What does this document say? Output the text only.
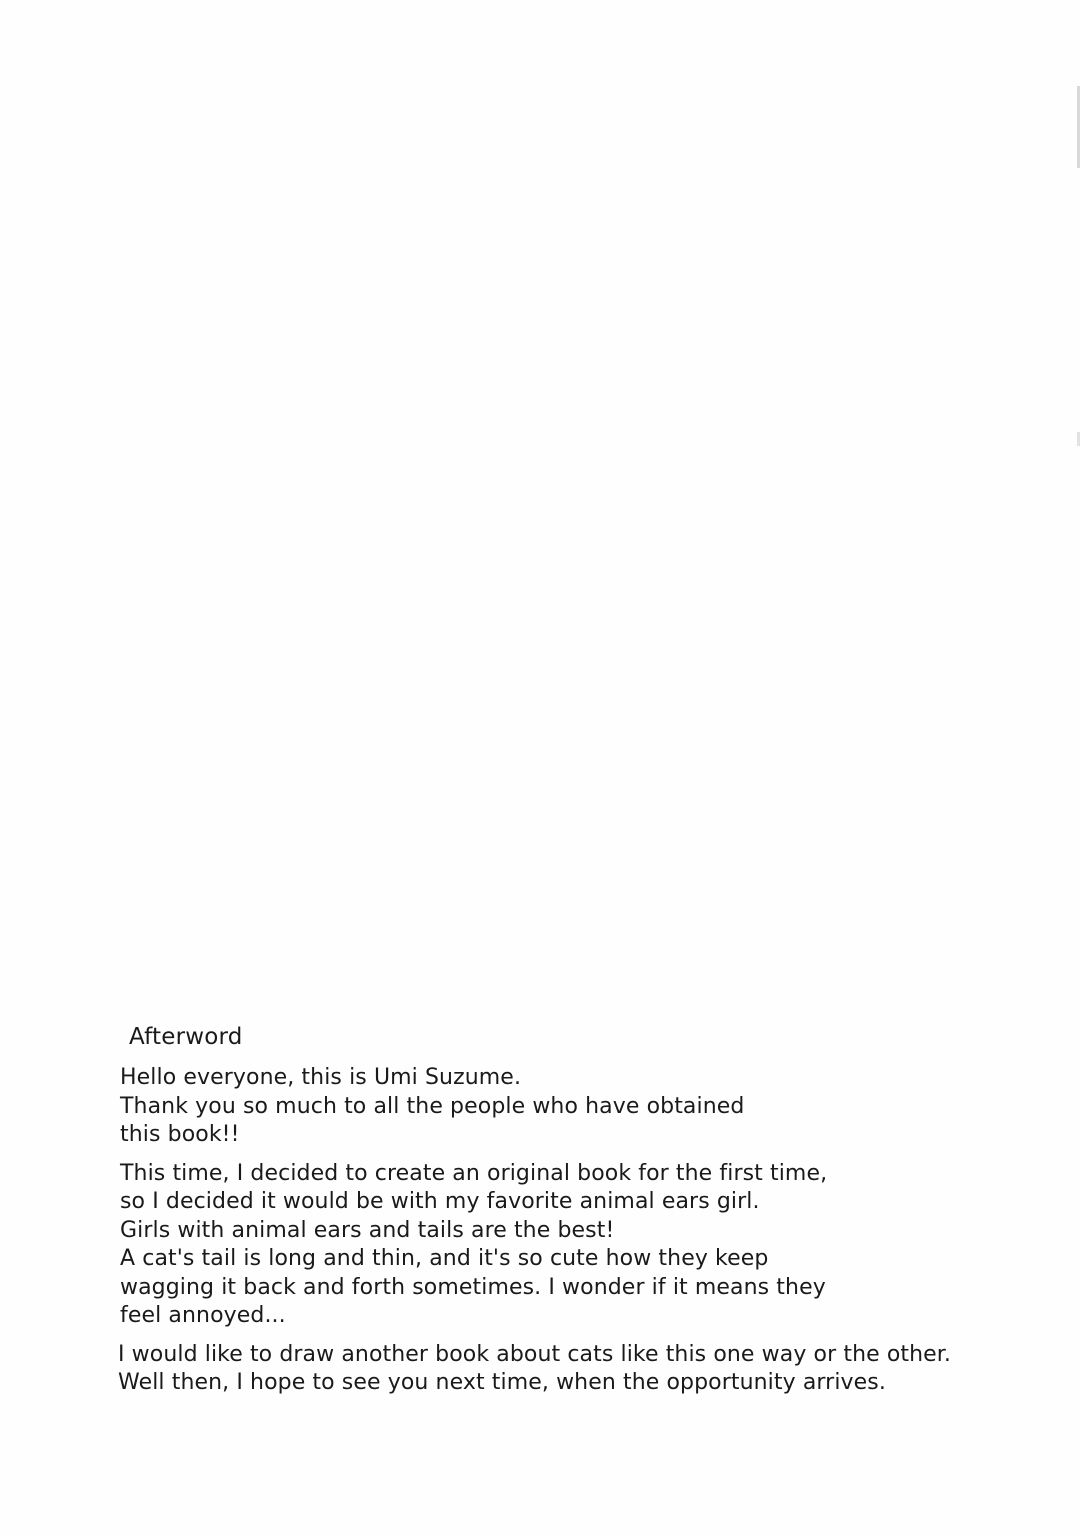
Afterword
Hello everyone, this is Umi Suzume.
Thank you so much to all the people who have obtained
this book!!
This time, I decided to create an original book for the first time,
so I decided it would be with my favorite animal ears girl.
Girls with animal ears and tails are the best!
A cat's tail is long and thin, and it's so cute how they keep
wagging it back and forth sometimes. I wonder if it means they
feel annoyed...
I would like to draw another book about cats like this one way or the other.
Well then, I hope to see you next time, when the opportunity arrives.
